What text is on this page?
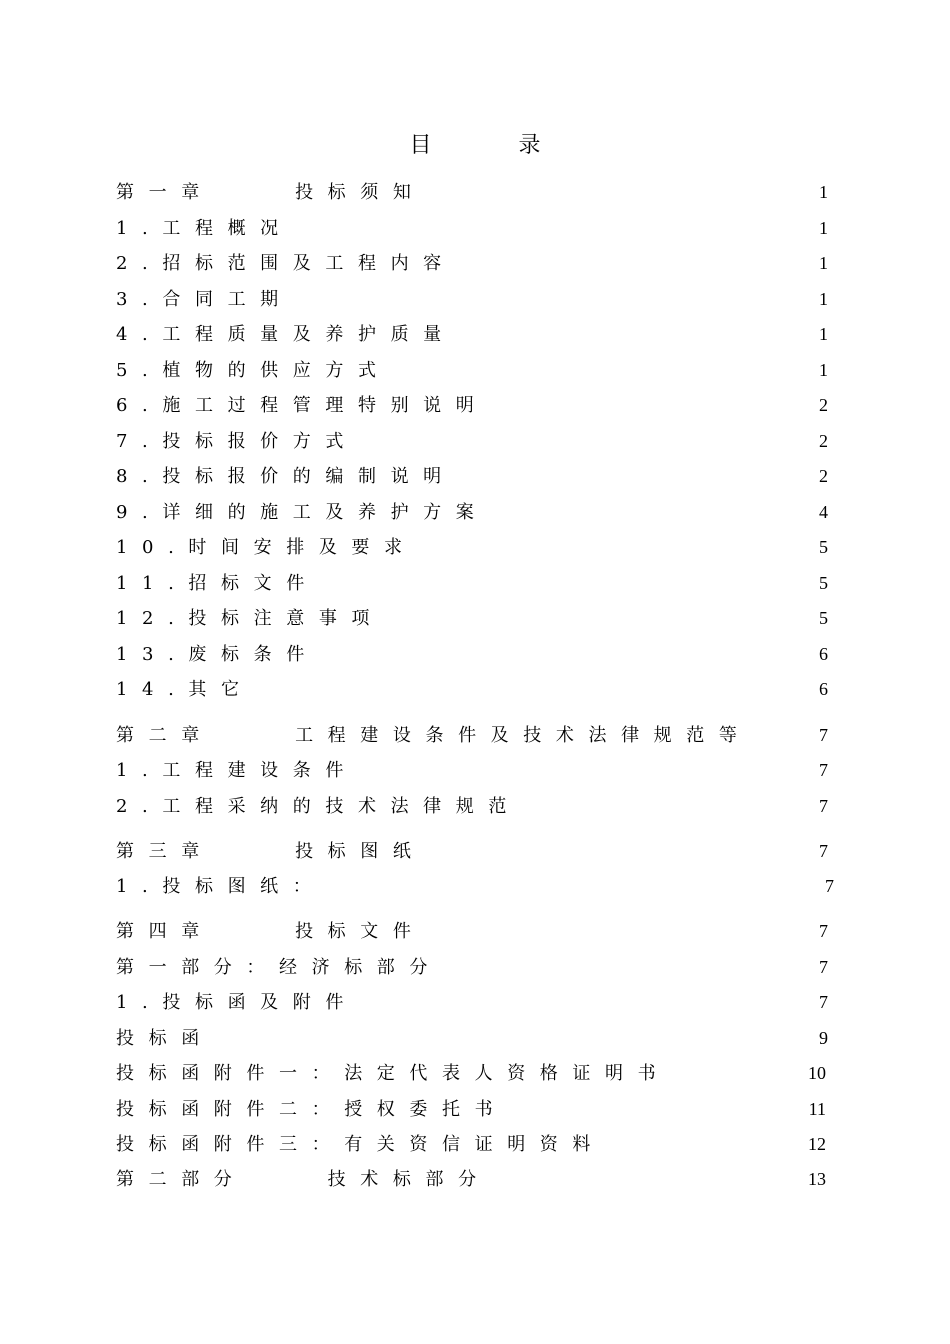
目 录
第一章    投标须知	1
1.工程概况	1
2.招标范围及工程内容	1
3.合同工期	1
4.工程质量及养护质量	1
5.植物的供应方式	1
6.施工过程管理特别说明	2
7.投标报价方式	2
8.投标报价的编制说明	2
9.详细的施工及养护方案	4
10.时间安排及要求	5
11.招标文件	5
12.投标注意事项	5
13.废标条件	6
14.其它	6
第二章    工程建设条件及技术法律规范等	7
1.工程建设条件	7
2.工程采纳的技术法律规范	7
第三章    投标图纸	7
1.投标图纸：	7
第四章    投标文件	7
第一部分：经济标部分	7
1.投标函及附件	7
投标函	9
投标函附件一：法定代表人资格证明书	10
投标函附件二：授权委托书	11
投标函附件三：有关资信证明资料	12
第二部分    技术标部分	13
